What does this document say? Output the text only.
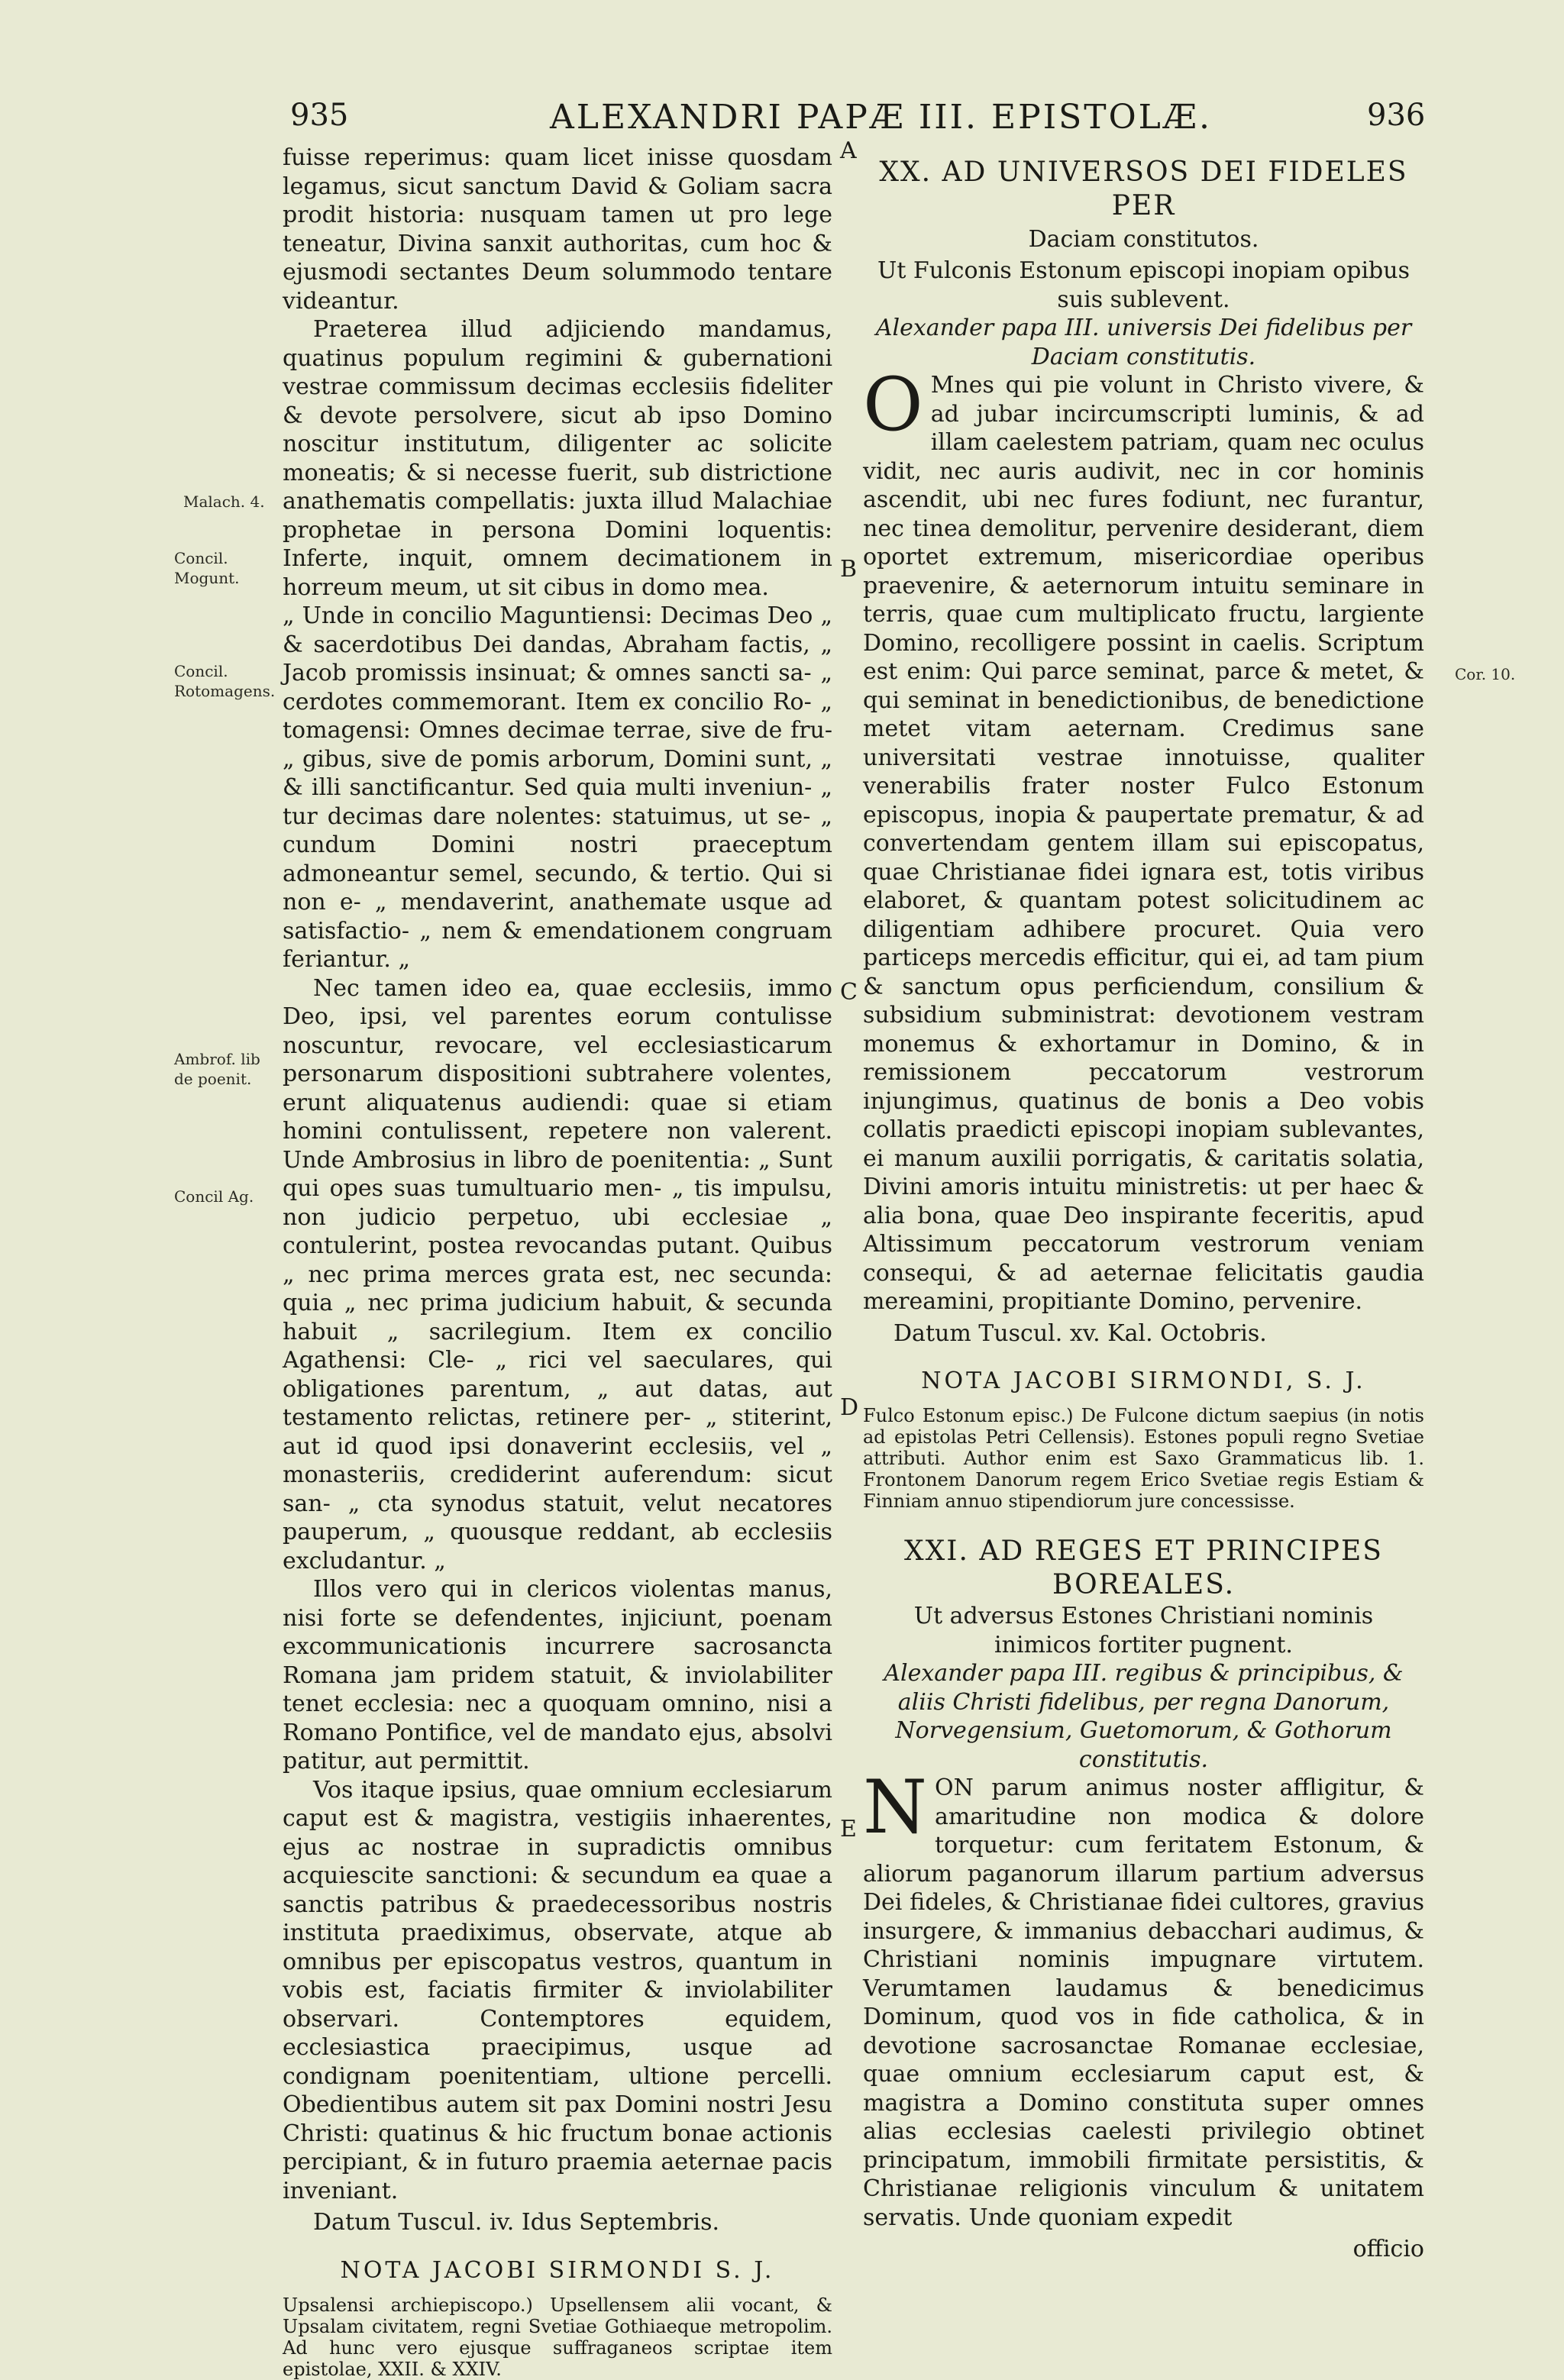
935	ALEXANDRI PAPÆ III. EPISTOLÆ.	936

fuisse reperimus: quam licet inisse quosdam legamus, sicut sanctum David & Goliam sacra prodit historia: nusquam tamen ut pro lege teneatur, Divina sanxit authoritas, cum hoc & ejusmodi sectantes Deum solummodo tentare videantur.

Praeterea illud adjiciendo mandamus, quatinus populum regimini & gubernationi vestrae commissum decimas ecclesiis fideliter & devote persolvere, sicut ab ipso Domino noscitur institutum, diligenter ac solicite moneatis; & si necesse fuerit, sub districtione anathematis compellatis: juxta illud Malachiae prophetae in persona Domini loquentis: Inferte, inquit, omnem decimationem in horreum meum, ut sit cibus in domo mea.

„ Unde in concilio Maguntiensi: Decimas Deo „ & sacerdotibus Dei dandas, Abraham factis, „ Jacob promissis insinuat; & omnes sancti sa- „ cerdotes commemorant. Item ex concilio Ro- „ tomagensi: Omnes decimae terrae, sive de fru- „ gibus, sive de pomis arborum, Domini sunt, „ & illi sanctificantur. Sed quia multi inveniun- „ tur decimas dare nolentes: statuimus, ut se- „ cundum Domini nostri praeceptum admoneantur semel, secundo, & tertio. Qui si non e- „ mendaverint, anathemate usque ad satisfactio- „ nem & emendationem congruam feriantur. „

Nec tamen ideo ea, quae ecclesiis, immo Deo, ipsi, vel parentes eorum contulisse noscuntur, revocare, vel ecclesiasticarum personarum dispositioni subtrahere volentes, erunt aliquatenus audiendi: quae si etiam homini contulissent, repetere non valerent. Unde Ambrosius in libro de poenitentia: „ Sunt qui opes suas tumultuario men- „ tis impulsu, non judicio perpetuo, ubi ecclesiae „ contulerint, postea revocandas putant. Quibus „ nec prima merces grata est, nec secunda: quia „ nec prima judicium habuit, & secunda habuit „ sacrilegium. Item ex concilio Agathensi: Cle- „ rici vel saeculares, qui obligationes parentum, „ aut datas, aut testamento relictas, retinere per- „ stiterint, aut id quod ipsi donaverint ecclesiis, vel „ monasteriis, crediderint auferendum: sicut san- „ cta synodus statuit, velut necatores pauperum, „ quousque reddant, ab ecclesiis excludantur. „

Illos vero qui in clericos violentas manus, nisi forte se defendentes, injiciunt, poenam excommunicationis incurrere sacrosancta Romana jam pridem statuit, & inviolabiliter tenet ecclesia: nec a quoquam omnino, nisi a Romano Pontifice, vel de mandato ejus, absolvi patitur, aut permittit.

Vos itaque ipsius, quae omnium ecclesiarum caput est & magistra, vestigiis inhaerentes, ejus ac nostrae in supradictis omnibus acquiescite sanctioni: & secundum ea quae a sanctis patribus & praedecessoribus nostris instituta praediximus, observate, atque ab omnibus per episcopatus vestros, quantum in vobis est, faciatis firmiter & inviolabiliter observari. Contemptores equidem, ecclesiastica praecipimus, usque ad condignam poenitentiam, ultione percelli. Obedientibus autem sit pax Domini nostri Jesu Christi: quatinus & hic fructum bonae actionis percipiant, & in futuro praemia aeternae pacis inveniant.

Datum Tuscul. iv. Idus Septembris.

NOTA JACOBI SIRMONDI S. J.

Upsalensi archiepiscopo.) Upsellensem alii vocant, & Upsalam civitatem, regni Svetiae Gothiaeque metropolim. Ad hunc vero ejusque suffraganeos scriptae item epistolae, XXII. & XXIV.

Malach. 4.
Concil. Mogunt.
Concil. Rotomagens.
Ambrof. lib de poenit.
Concil Ag.
Cor. 10.
A
B
C
D
E
XX. AD UNIVERSOS DEI FIDELES PER
Daciam constitutos.

Ut Fulconis Estonum episcopi inopiam opibus suis sublevent.

Alexander papa III. universis Dei fidelibus per Daciam constitutis.

O Mnes qui pie volunt in Christo vivere, & ad jubar incircumscripti luminis, & ad illam caelestem patriam, quam nec oculus vidit, nec auris audivit, nec in cor hominis ascendit, ubi nec fures fodiunt, nec furantur, nec tinea demolitur, pervenire desiderant, diem oportet extremum, misericordiae operibus praevenire, & aeternorum intuitu seminare in terris, quae cum multiplicato fructu, largiente Domino, recolligere possint in caelis. Scriptum est enim: Qui parce seminat, parce & metet, & qui seminat in benedictionibus, de benedictione metet vitam aeternam. Credimus sane universitati vestrae innotuisse, qualiter venerabilis frater noster Fulco Estonum episcopus, inopia & paupertate prematur, & ad convertendam gentem illam sui episcopatus, quae Christianae fidei ignara est, totis viribus elaboret, & quantam potest solicitudinem ac diligentiam adhibere procuret. Quia vero particeps mercedis efficitur, qui ei, ad tam pium & sanctum opus perficiendum, consilium & subsidium subministrat: devotionem vestram monemus & exhortamur in Domino, & in remissionem peccatorum vestrorum injungimus, quatinus de bonis a Deo vobis collatis praedicti episcopi inopiam sublevantes, ei manum auxilii porrigatis, & caritatis solatia, Divini amoris intuitu ministretis: ut per haec & alia bona, quae Deo inspirante feceritis, apud Altissimum peccatorum vestrorum veniam consequi, & ad aeternae felicitatis gaudia mereamini, propitiante Domino, pervenire.

Datum Tuscul. xv. Kal. Octobris.

NOTA JACOBI SIRMONDI, S. J.

Fulco Estonum episc.) De Fulcone dictum saepius (in notis ad epistolas Petri Cellensis). Estones populi regno Svetiae attributi. Author enim est Saxo Grammaticus lib. 1. Frontonem Danorum regem Erico Svetiae regis Estiam & Finniam annuo stipendiorum jure concessisse.

XXI. AD REGES ET PRINCIPES
BOREALES.

Ut adversus Estones Christiani nominis inimicos fortiter pugnent.

Alexander papa III. regibus & principibus, & aliis Christi fidelibus, per regna Danorum, Norvegensium, Guetomorum, & Gothorum constitutis.

NON parum animus noster affligitur, & amaritudine non modica & dolore torquetur: cum feritatem Estonum, & aliorum paganorum illarum partium adversus Dei fideles, & Christianae fidei cultores, gravius insurgere, & immanius debacchari audimus, & Christiani nominis impugnare virtutem. Verumtamen laudamus & benedicimus Dominum, quod vos in fide catholica, & in devotione sacrosanctae Romanae ecclesiae, quae omnium ecclesiarum caput est, & magistra a Domino constituta super omnes alias ecclesias caelesti privilegio obtinet principatum, immobili firmitate persistitis, & Christianae religionis vinculum & unitatem servatis. Unde quoniam expedit

officio
